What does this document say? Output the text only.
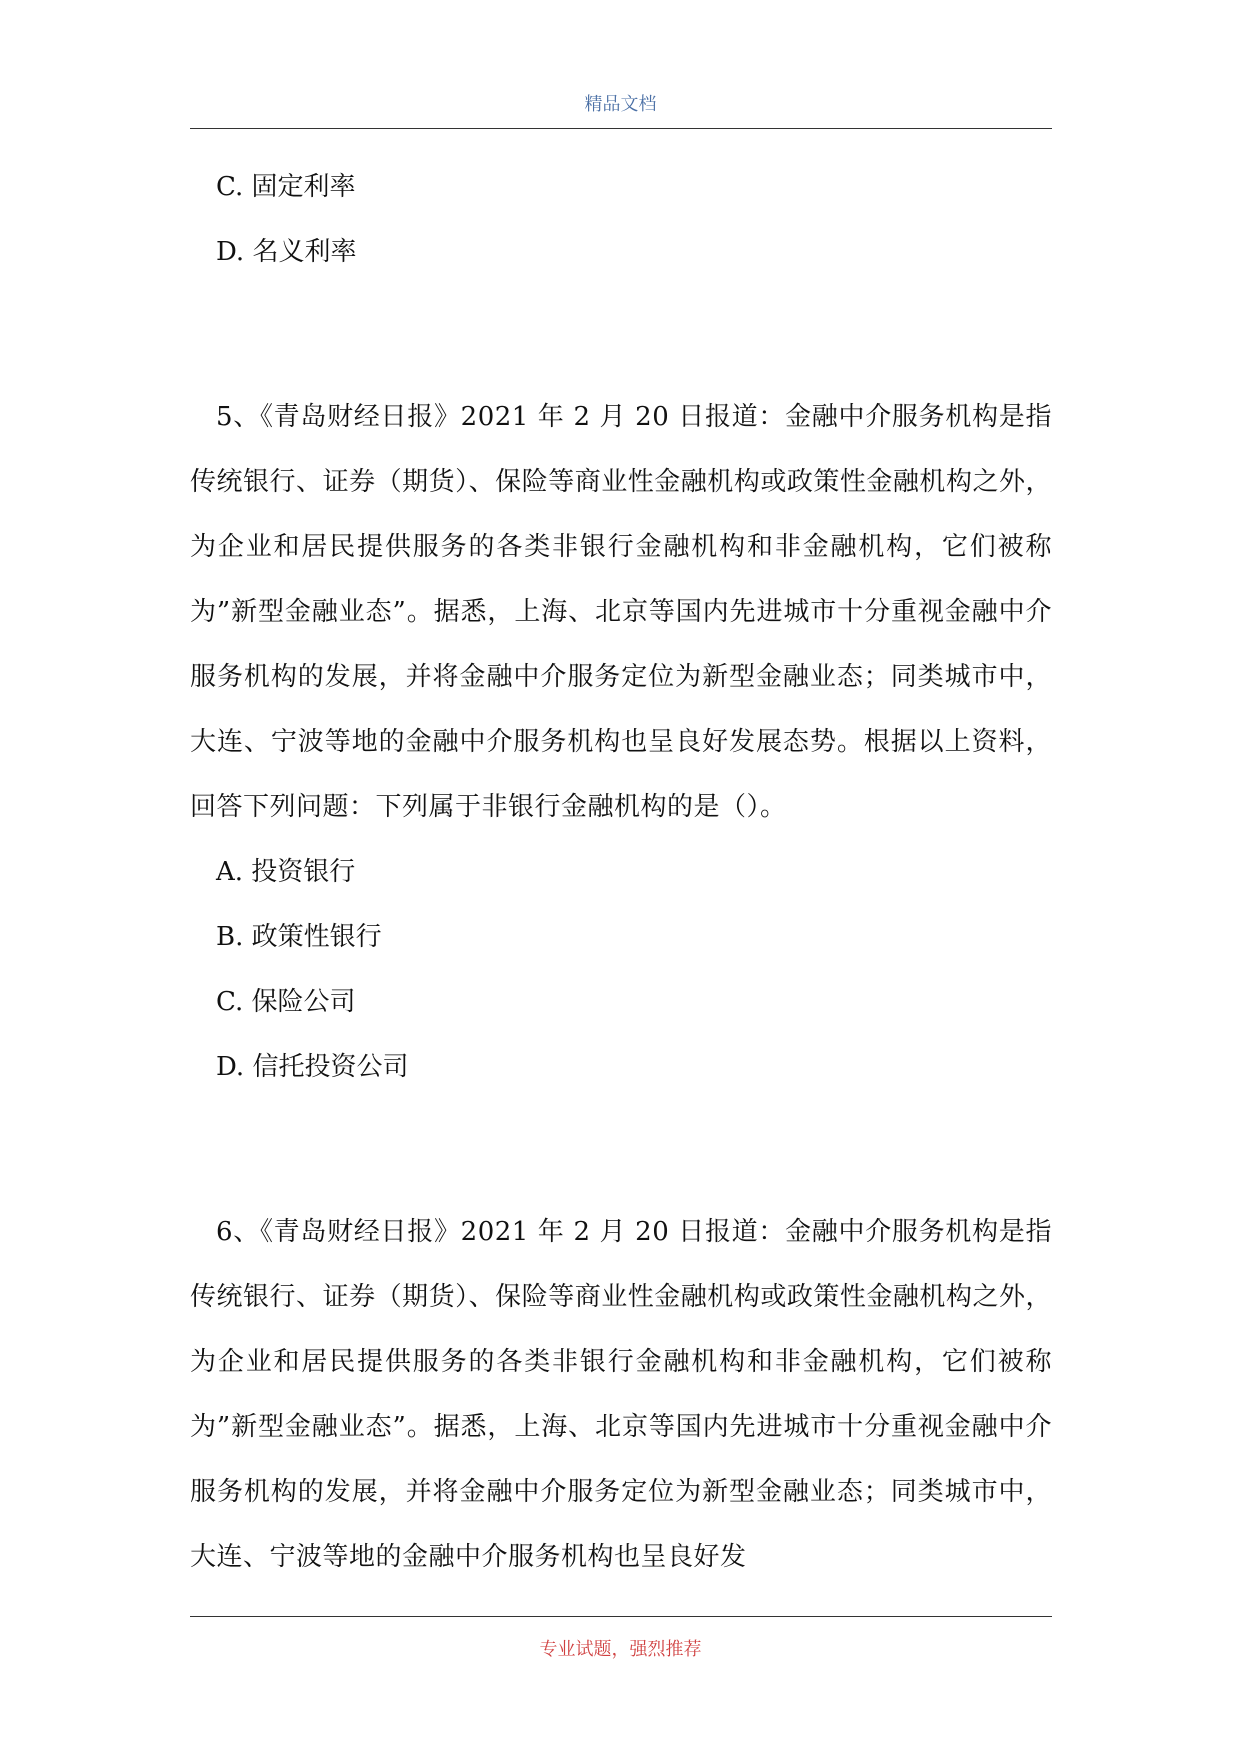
精品文档
C. 固定利率
D. 名义利率
5、《青岛财经日报》2021 年 2 月 20 日报道：金融中介服务机构是指传统银行、证券（期货）、保险等商业性金融机构或政策性金融机构之外，为企业和居民提供服务的各类非银行金融机构和非金融机构，它们被称为”新型金融业态”。据悉，上海、北京等国内先进城市十分重视金融中介服务机构的发展，并将金融中介服务定位为新型金融业态；同类城市中，大连、宁波等地的金融中介服务机构也呈良好发展态势。根据以上资料，回答下列问题：下列属于非银行金融机构的是（）。
A. 投资银行
B. 政策性银行
C. 保险公司
D. 信托投资公司
6、《青岛财经日报》2021 年 2 月 20 日报道：金融中介服务机构是指传统银行、证券（期货）、保险等商业性金融机构或政策性金融机构之外，为企业和居民提供服务的各类非银行金融机构和非金融机构，它们被称为”新型金融业态”。据悉，上海、北京等国内先进城市十分重视金融中介服务机构的发展，并将金融中介服务定位为新型金融业态；同类城市中，大连、宁波等地的金融中介服务机构也呈良好发
专业试题，强烈推荐
